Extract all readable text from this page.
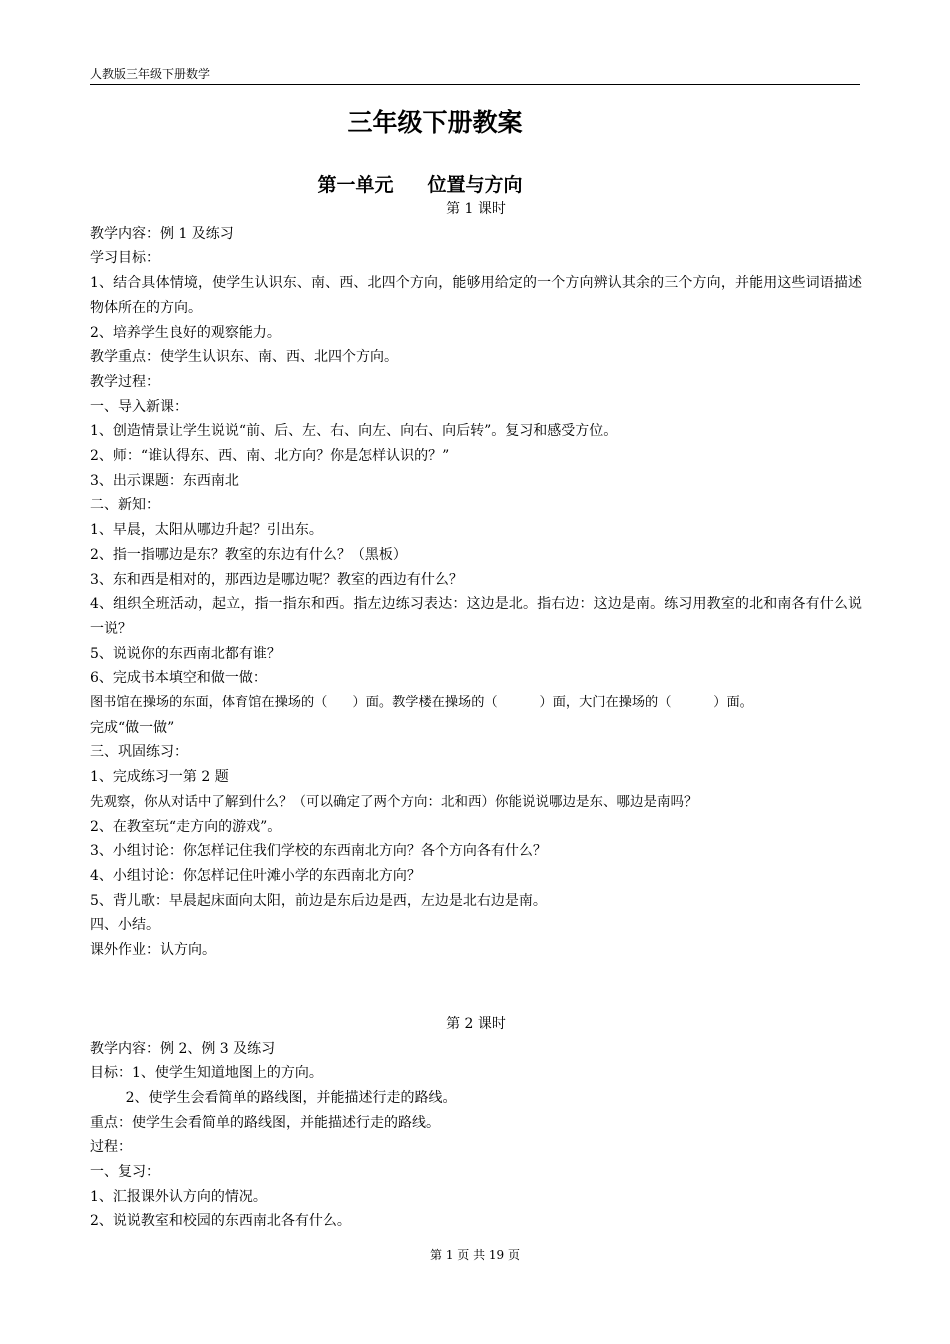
人教版三年级下册数学
三年级下册教案
第一单元 位置与方向
第 1 课时
教学内容：例 1 及练习
学习目标：
1、结合具体情境，使学生认识东、南、西、北四个方向，能够用给定的一个方向辨认其余的三个方向，并能用这些词语描述物体所在的方向。
2、培养学生良好的观察能力。
教学重点：使学生认识东、南、西、北四个方向。
教学过程：
一、导入新课：
1、创造情景让学生说说“前、后、左、右、向左、向右、向后转”。复习和感受方位。
2、师：“谁认得东、西、南、北方向？你是怎样认识的？”
3、出示课题：东西南北
二、新知：
1、早晨，太阳从哪边升起？引出东。
2、指一指哪边是东？教室的东边有什么？（黑板）
3、东和西是相对的，那西边是哪边呢？教室的西边有什么？
4、组织全班活动，起立，指一指东和西。指左边练习表达：这边是北。指右边：这边是南。练习用教室的北和南各有什么说一说？
5、说说你的东西南北都有谁？
6、完成书本填空和做一做：
图书馆在操场的东面，体育馆在操场的（      ）面。教学楼在操场的（          ）面，大门在操场的（          ）面。
完成“做一做”
三、巩固练习：
1、完成练习一第 2 题
先观察，你从对话中了解到什么？（可以确定了两个方向：北和西）你能说说哪边是东、哪边是南吗？
2、在教室玩“走方向的游戏”。
3、小组讨论：你怎样记住我们学校的东西南北方向？各个方向各有什么？
4、小组讨论：你怎样记住叶滩小学的东西南北方向？
5、背儿歌：早晨起床面向太阳，前边是东后边是西，左边是北右边是南。
四、小结。
课外作业：认方向。
第 2 课时
教学内容：例 2、例 3 及练习
目标：1、使学生知道地图上的方向。
2、使学生会看简单的路线图，并能描述行走的路线。
重点：使学生会看简单的路线图，并能描述行走的路线。
过程：
一、复习：
1、汇报课外认方向的情况。
2、说说教室和校园的东西南北各有什么。
第 1 页 共 19 页
